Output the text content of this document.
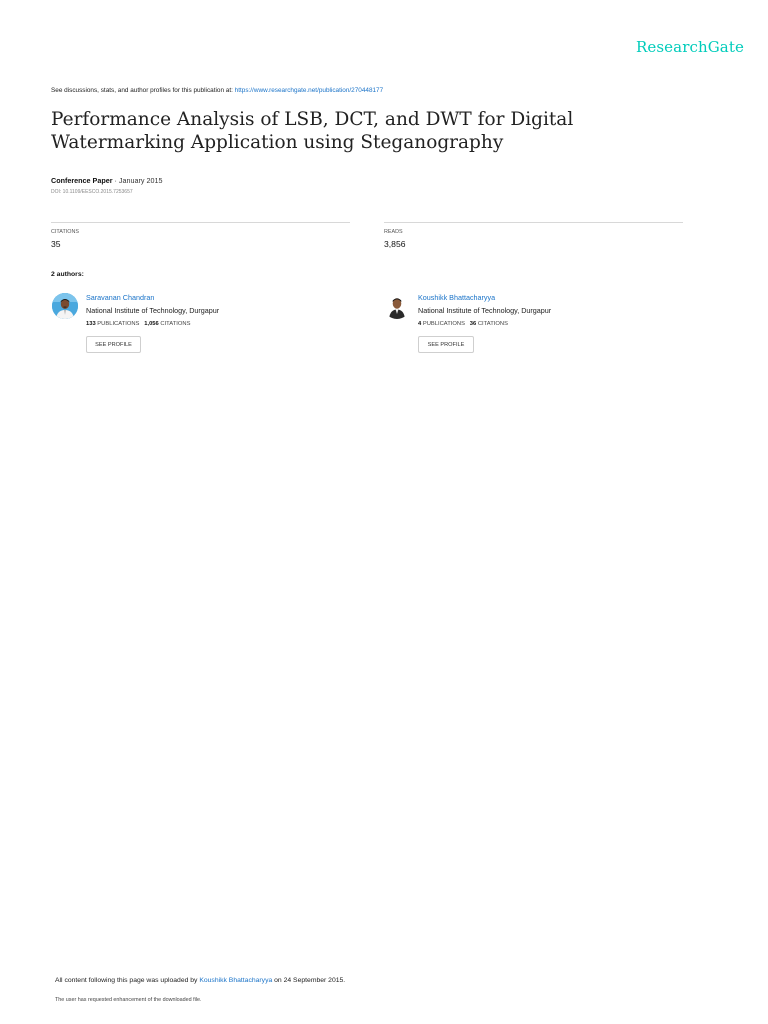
ResearchGate
See discussions, stats, and author profiles for this publication at: https://www.researchgate.net/publication/270448177
Performance Analysis of LSB, DCT, and DWT for Digital Watermarking Application using Steganography
Conference Paper · January 2015
DOI: 10.1109/EESCO.2015.7253657
CITATIONS
35
READS
3,856
2 authors:
Saravanan Chandran
National Institute of Technology, Durgapur
133 PUBLICATIONS 1,056 CITATIONS
SEE PROFILE
Koushikk Bhattacharyya
National Institute of Technology, Durgapur
4 PUBLICATIONS 36 CITATIONS
SEE PROFILE
All content following this page was uploaded by Koushikk Bhattacharyya on 24 September 2015.
The user has requested enhancement of the downloaded file.
